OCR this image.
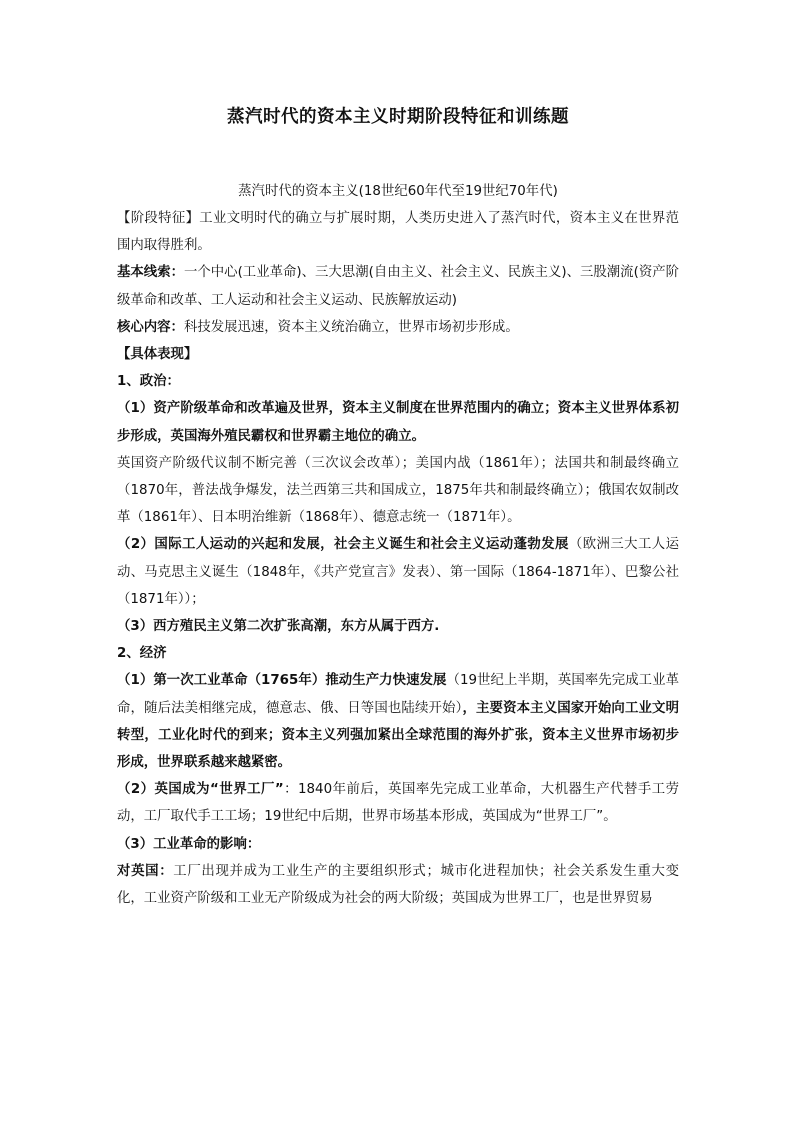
蒸汽时代的资本主义时期阶段特征和训练题

蒸汽时代的资本主义(18世纪60年代至19世纪70年代)

【阶段特征】工业文明时代的确立与扩展时期，人类历史进入了蒸汽时代，资本主义在世界范围内取得胜利。

基本线索：一个中心(工业革命)、三大思潮(自由主义、社会主义、民族主义)、三股潮流(资产阶级革命和改革、工人运动和社会主义运动、民族解放运动)

核心内容：科技发展迅速，资本主义统治确立，世界市场初步形成。

【具体表现】

1、政治：

（1）资产阶级革命和改革遍及世界，资本主义制度在世界范围内的确立；资本主义世界体系初步形成，英国海外殖民霸权和世界霸主地位的确立。

英国资产阶级代议制不断完善（三次议会改革）；美国内战（1861年）；法国共和制最终确立（1870年，普法战争爆发，法兰西第三共和国成立，1875年共和制最终确立）；俄国农奴制改革（1861年）、日本明治维新（1868年）、德意志统一（1871年）。

（2）国际工人运动的兴起和发展，社会主义诞生和社会主义运动蓬勃发展（欧洲三大工人运动、马克思主义诞生（1848年，《共产党宣言》发表）、第一国际（1864-1871年）、巴黎公社（1871年））；

（3）西方殖民主义第二次扩张高潮，东方从属于西方.

2、经济

（1）第一次工业革命（1765年）推动生产力快速发展（19世纪上半期，英国率先完成工业革命，随后法美相继完成，德意志、俄、日等国也陆续开始），主要资本主义国家开始向工业文明转型，工业化时代的到来；资本主义列强加紧出全球范围的海外扩张，资本主义世界市场初步形成，世界联系越来越紧密。

（2）英国成为“世界工厂”：1840年前后，英国率先完成工业革命，大机器生产代替手工劳动，工厂取代手工工场；19世纪中后期，世界市场基本形成，英国成为“世界工厂”。

（3）工业革命的影响：

对英国：工厂出现并成为工业生产的主要组织形式；城市化进程加快；社会关系发生重大变化，工业资产阶级和工业无产阶级成为社会的两大阶级；英国成为世界工厂，也是世界贸易
